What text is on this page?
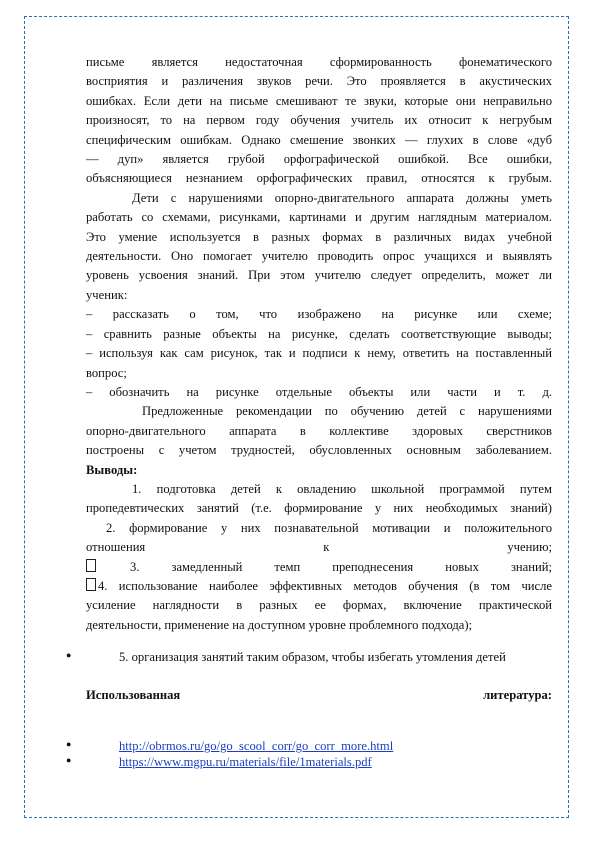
письме является недостаточная сформированность фонематического

восприятия и различения звуков речи. Это проявляется в акустических

ошибках. Если дети на письме смешивают те звуки, которые они неправильно

произносят, то на первом году обучения учитель их относит к негрубым

специфическим ошибкам. Однако смешение звонких — глухих в слове «дуб

— дуп» является грубой орфографической ошибкой. Все ошибки,

объясняющиеся незнанием орфографических правил, относятся к грубым.

Дети с нарушениями опорно-двигательного аппарата должны уметь

работать со схемами, рисунками, картинами и другим наглядным материалом.

Это умение используется в разных формах в различных видах учебной

деятельности. Оно помогает учителю проводить опрос учащихся и выявлять

уровень усвоения знаний. При этом учителю следует определить, может ли

ученик:

– рассказать о том, что изображено на рисунке или схеме;

– сравнить разные объекты на рисунке, сделать соответствующие выводы;

– используя как сам рисунок, так и подписи к нему, ответить на поставленный

вопрос;

– обозначить на рисунке отдельные объекты или части и т. д.

Предложенные рекомендации по обучению детей с нарушениями

опорно-двигательного аппарата в коллективе здоровых сверстников

построены с учетом трудностей, обусловленных основным заболеванием.

Выводы:

1. подготовка детей к овладению школьной программой путем

пропедевтических занятий (т.е. формирование у них необходимых знаний)

2. формирование у них познавательной мотивации и положительного

отношения к учению;

3. замедленный темп преподнесения новых знаний;

4. использование наиболее эффективных методов обучения (в том числе

усиление наглядности в разных ее формах, включение практической

деятельности, применение на доступном уровне проблемного подхода);

●	5. организация занятий таким образом, чтобы избегать утомления детей
Использованная	литература:
●	http://obrmos.ru/go/go_scool_corr/go_corr_more.html
●	https://www.mgpu.ru/materials/file/1materials.pdf
